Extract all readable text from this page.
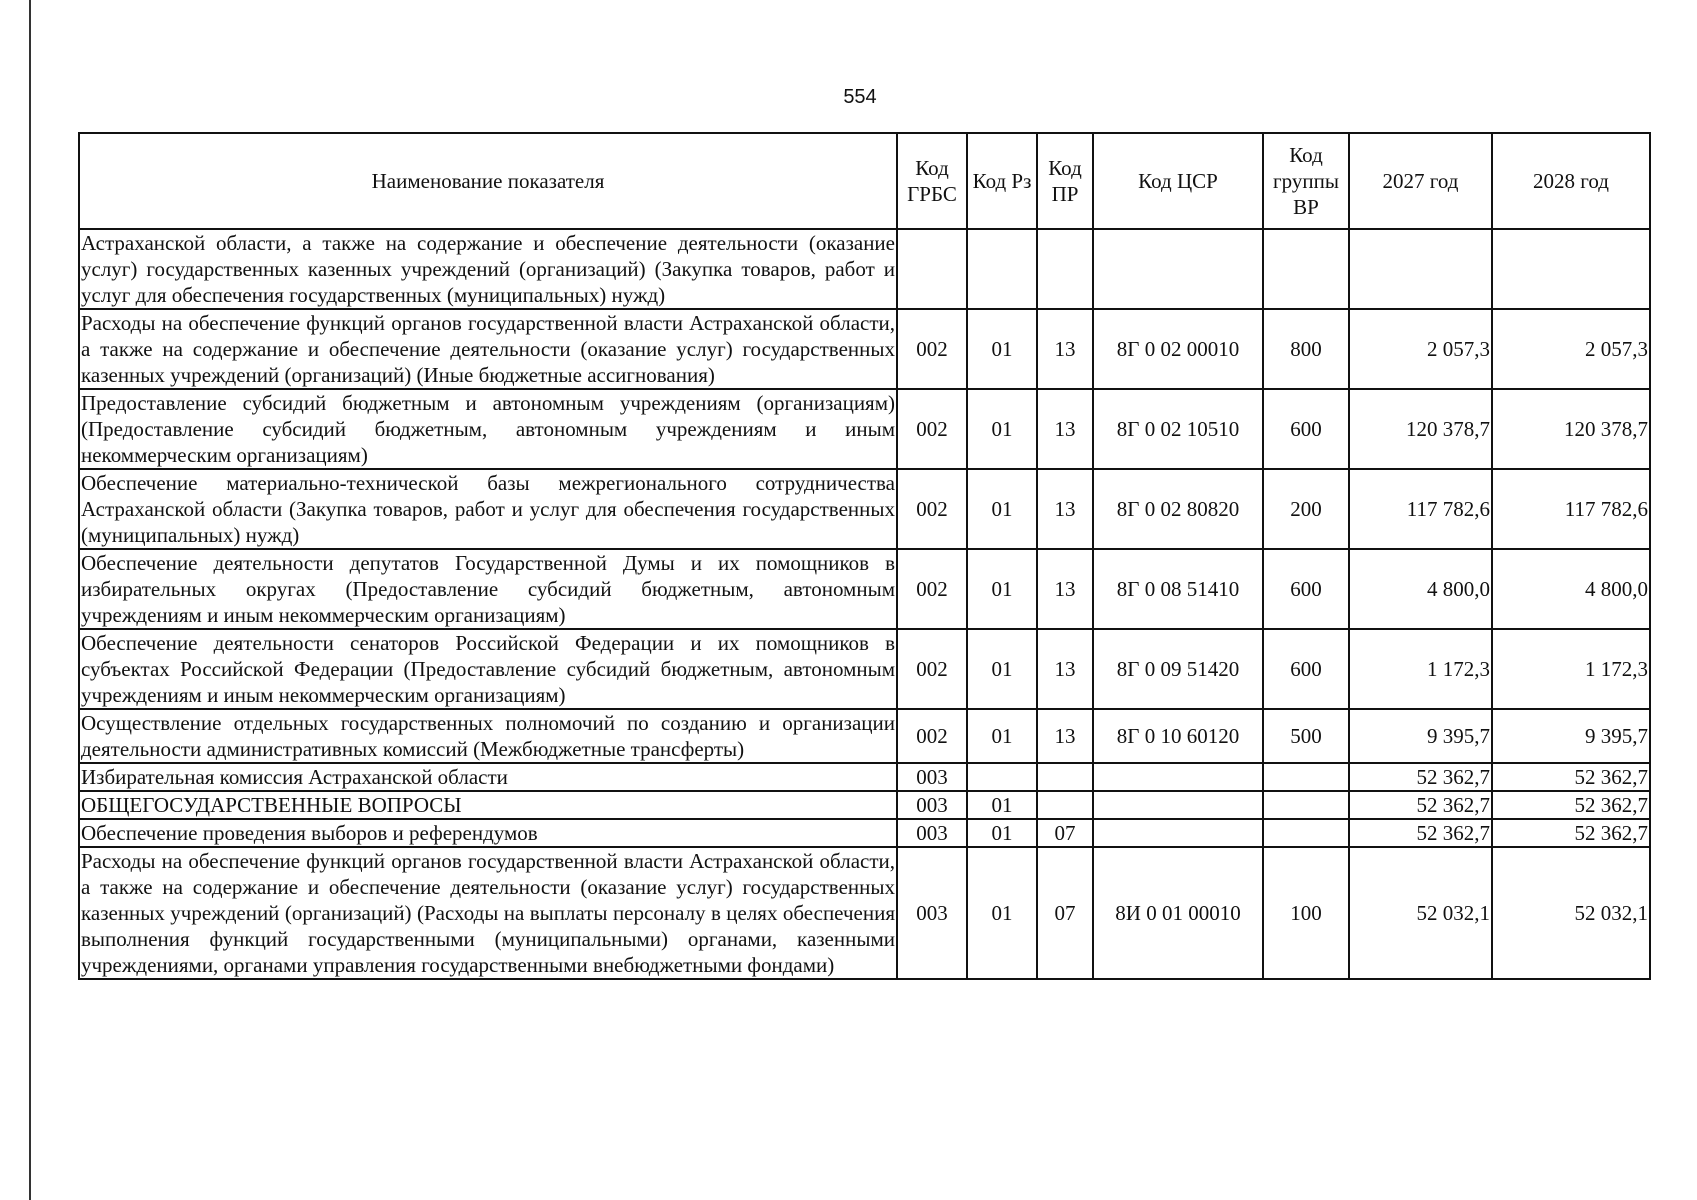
554
Наименование показателя	Код ГРБС	Код Рз	Код ПР	Код ЦСР	Код группы ВР	2027 год	2028 год
Астраханской области, а также на содержание и обеспечение деятельности (оказание услуг) государственных казенных учреждений (организаций) (Закупка товаров, работ и услуг для обеспечения государственных (муниципальных) нужд)							
Расходы на обеспечение функций органов государственной власти Астраханской области, а также на содержание и обеспечение деятельности (оказание услуг) государственных казенных учреждений (организаций) (Иные бюджетные ассигнования)	002	01	13	8Г 0 02 00010	800	2 057,3	2 057,3
Предоставление субсидий бюджетным и автономным учреждениям (организациям) (Предоставление субсидий бюджетным, автономным учреждениям и иным некоммерческим организациям)	002	01	13	8Г 0 02 10510	600	120 378,7	120 378,7
Обеспечение материально-технической базы межрегионального сотрудничества Астраханской области (Закупка товаров, работ и услуг для обеспечения государственных (муниципальных) нужд)	002	01	13	8Г 0 02 80820	200	117 782,6	117 782,6
Обеспечение деятельности депутатов Государственной Думы и их помощников в избирательных округах (Предоставление субсидий бюджетным, автономным учреждениям и иным некоммерческим организациям)	002	01	13	8Г 0 08 51410	600	4 800,0	4 800,0
Обеспечение деятельности сенаторов Российской Федерации и их помощников в субъектах Российской Федерации (Предоставление субсидий бюджетным, автономным учреждениям и иным некоммерческим организациям)	002	01	13	8Г 0 09 51420	600	1 172,3	1 172,3
Осуществление отдельных государственных полномочий по созданию и организации деятельности административных комиссий (Межбюджетные трансферты)	002	01	13	8Г 0 10 60120	500	9 395,7	9 395,7
Избирательная комиссия Астраханской области	003					52 362,7	52 362,7
ОБЩЕГОСУДАРСТВЕННЫЕ ВОПРОСЫ	003	01				52 362,7	52 362,7
Обеспечение проведения выборов и референдумов	003	01	07			52 362,7	52 362,7
Расходы на обеспечение функций органов государственной власти Астраханской области, а также на содержание и обеспечение деятельности (оказание услуг) государственных казенных учреждений (организаций) (Расходы на выплаты персоналу в целях обеспечения выполнения функций государственными (муниципальными) органами, казенными учреждениями, органами управления государственными внебюджетными фондами)	003	01	07	8И 0 01 00010	100	52 032,1	52 032,1
